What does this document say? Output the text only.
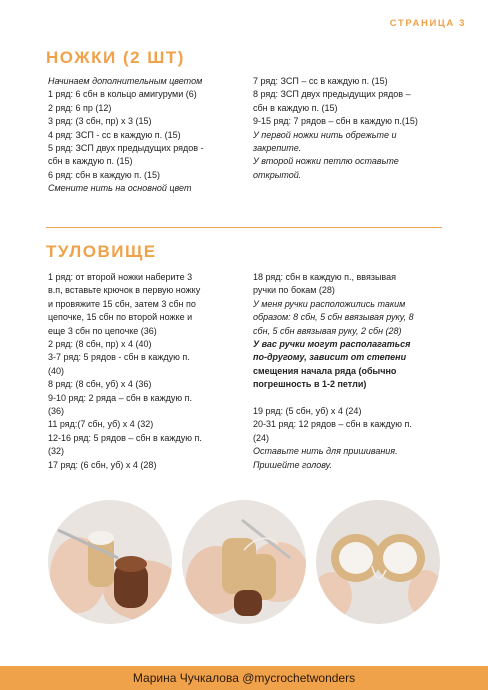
СТРАНИЦА 3
НОЖКИ (2 ШТ)
Начинаем дополнительным цветом
1 ряд: 6 сбн в кольцо амигуруми (6)
2 ряд: 6 пр (12)
3 ряд: (3 сбн, пр) х 3 (15)
4 ряд: ЗСП - сс в каждую п. (15)
5 ряд: ЗСП двух предыдущих рядов -
сбн в каждую п. (15)
6 ряд: сбн в каждую п. (15)
Смените нить на основной цвет
7 ряд: ЗСП – сс в каждую п. (15)
8 ряд: ЗСП двух предыдущих рядов –
сбн в каждую п. (15)
9-15 ряд: 7 рядов – сбн в каждую п.(15)
У первой ножки нить обрежьте и
закрепите.
У второй ножки петлю оставьте
открытой.
ТУЛОВИЩЕ
1 ряд: от второй ножки наберите 3
в.п, вставьте крючок в первую ножку
и провяжите 15 сбн, затем 3 сбн по
цепочке, 15 сбн по второй ножке и
еще 3 сбн по цепочке (36)
2 ряд: (8 сбн, пр) х 4 (40)
3-7 ряд: 5 рядов - сбн в каждую п.
(40)
8 ряд: (8 сбн, уб) х 4 (36)
9-10 ряд: 2 ряда – сбн в каждую п.
(36)
11 ряд:(7 сбн, уб) х 4 (32)
12-16 ряд: 5 рядов – сбн в каждую п.
(32)
17 ряд: (6 сбн, уб) х 4 (28)
18 ряд: сбн в каждую п., ввязывая
ручки по бокам (28)
У меня ручки расположились таким
образом: 8 сбн, 5 сбн ввязывая руку, 8
сбн, 5 сбн ввязывая руку, 2 сбн (28)
У вас ручки могут располагаться
по-другому, зависит от степени
смещения начала ряда (обычно
погрешность в 1-2 петли)

19 ряд: (5 сбн, уб) х 4 (24)
20-31 ряд: 12 рядов – сбн в каждую п.
(24)
Оставьте нить для пришивания.
Пришейте голову.
Марина Чучкалова @mycrochetwonders
